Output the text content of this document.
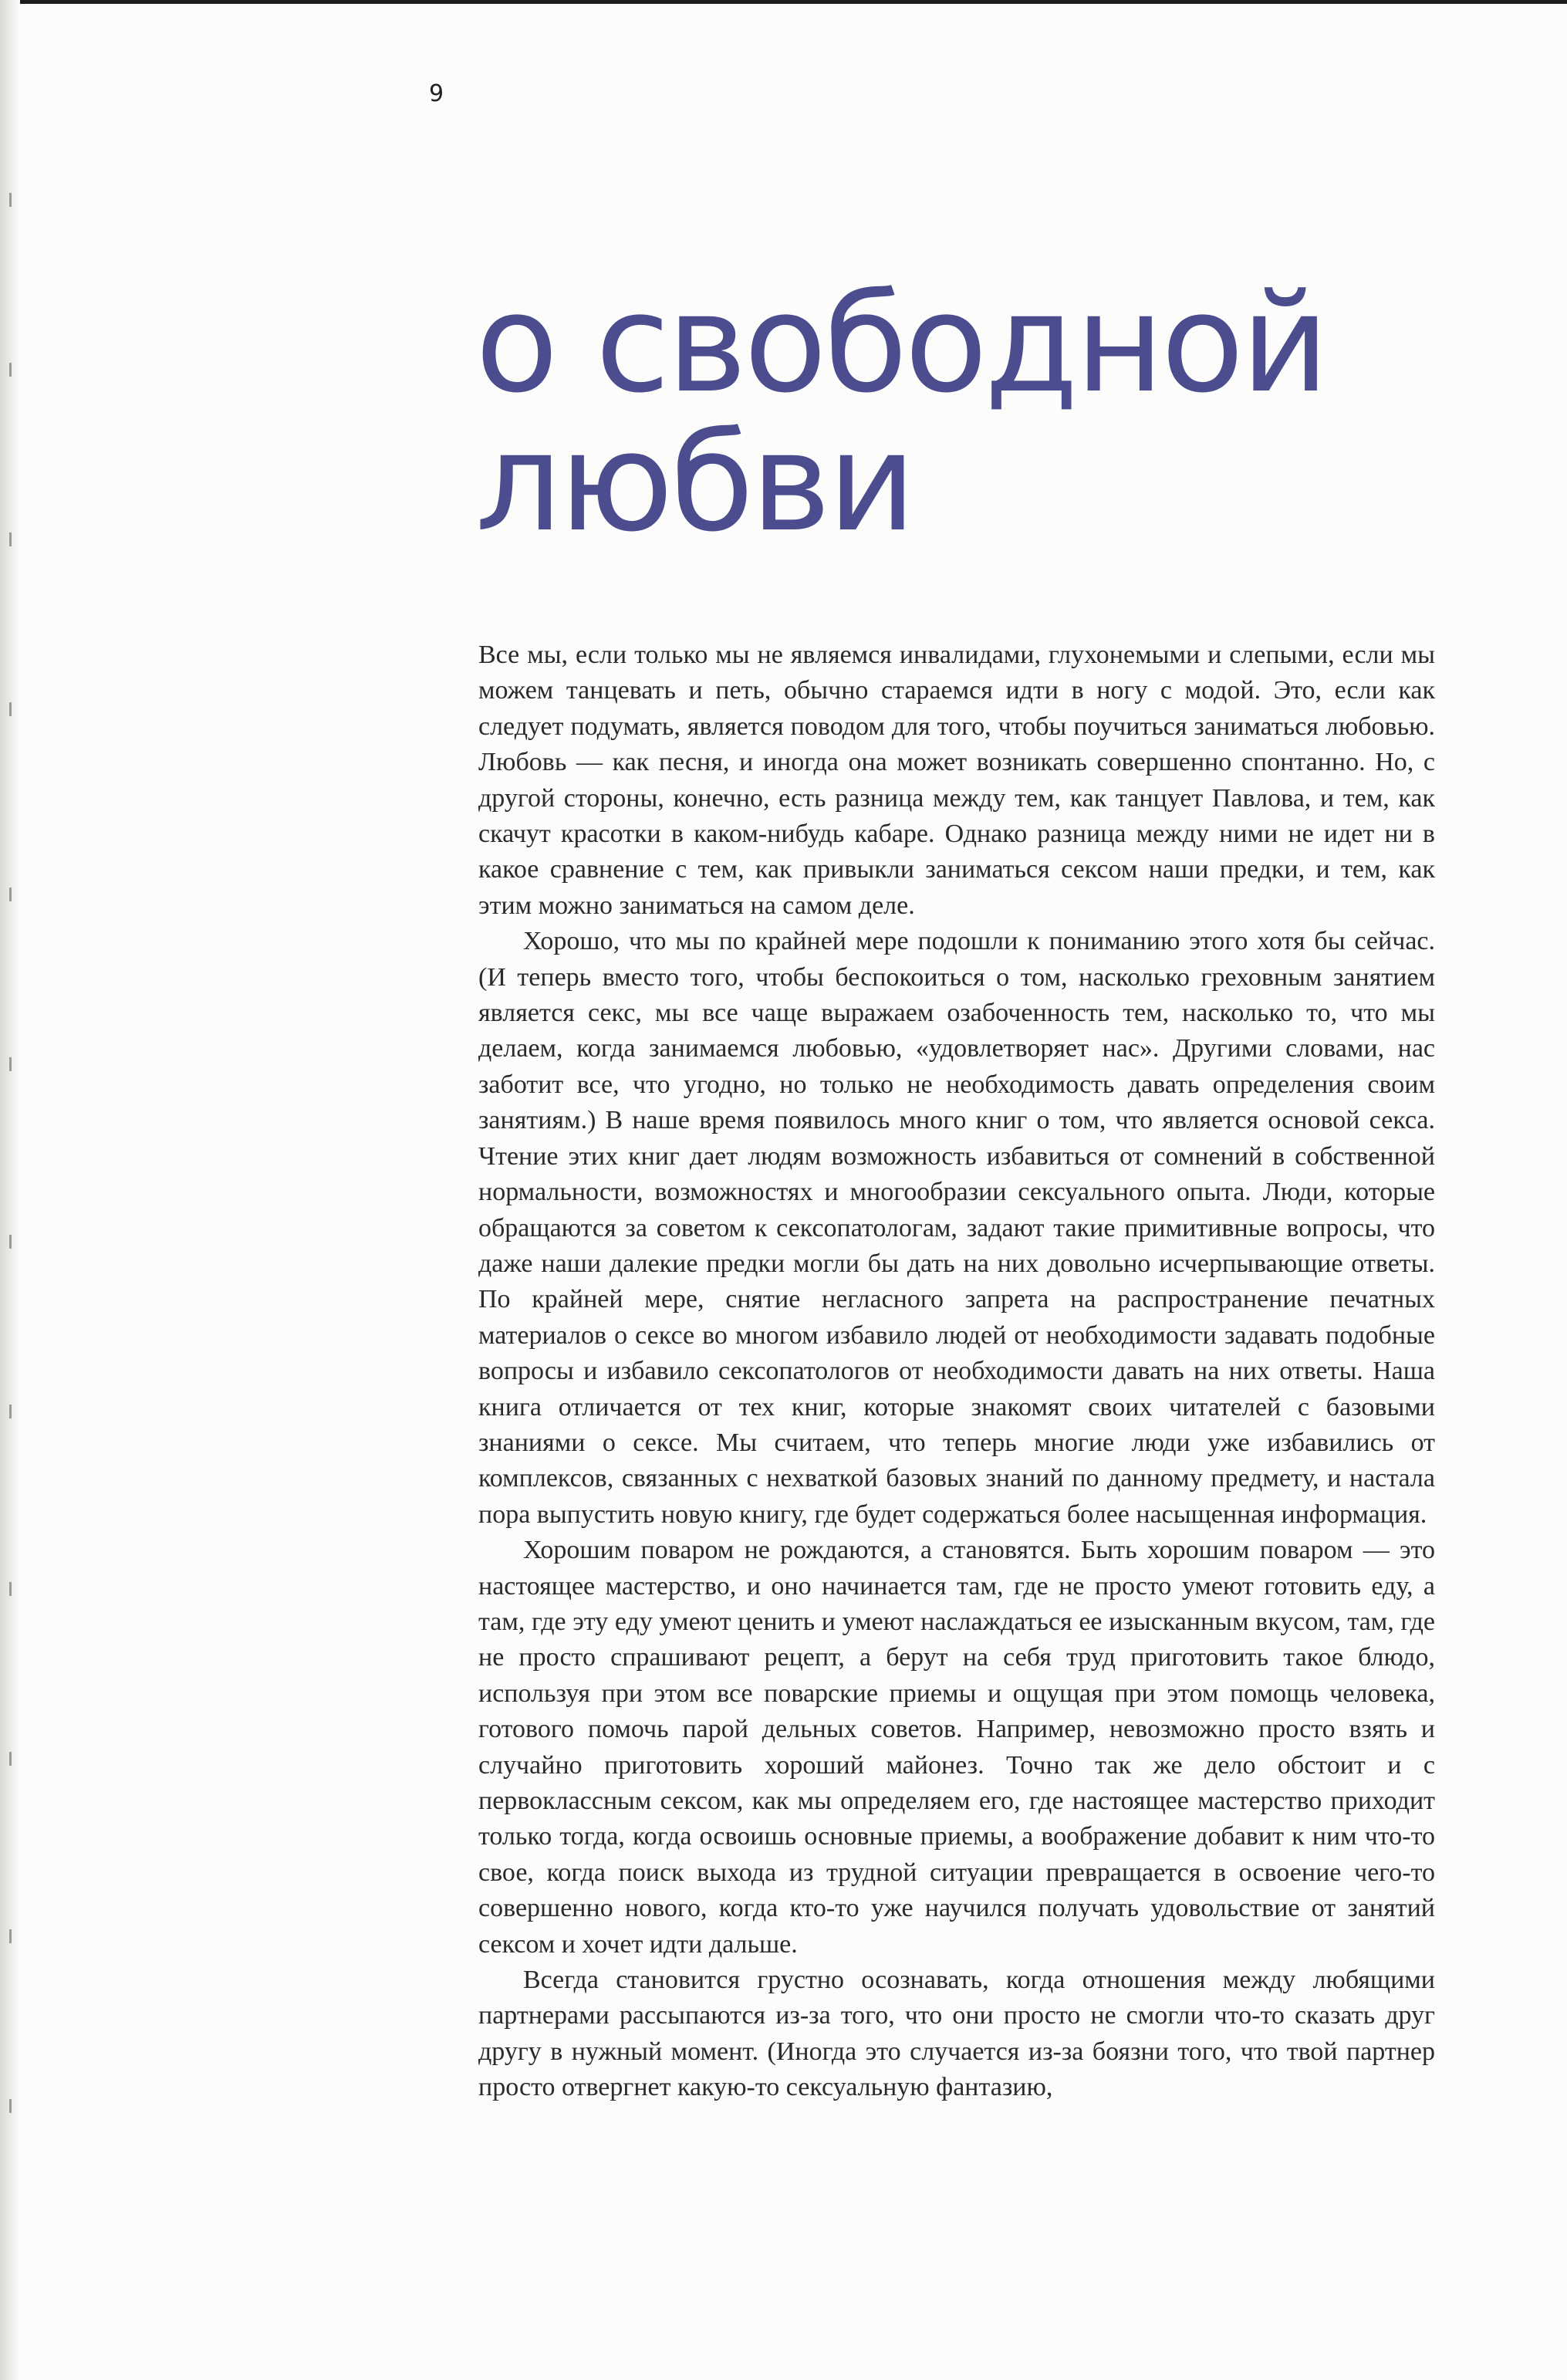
9
о свободной
любви

Все мы, если только мы не являемся инвалидами, глухонемыми и слепыми, если мы можем танцевать и петь, обычно стараемся идти в ногу с модой. Это, если как следует подумать, является поводом для того, чтобы поучиться заниматься любовью. Любовь — как песня, и иногда она может возникать совершенно спонтанно. Но, с другой стороны, конечно, есть разница между тем, как танцует Павлова, и тем, как скачут красотки в каком-нибудь кабаре. Однако разница между ними не идет ни в какое сравнение с тем, как привыкли заниматься сексом наши предки, и тем, как этим можно заниматься на самом деле.

Хорошо, что мы по крайней мере подошли к пониманию этого хотя бы сейчас. (И теперь вместо того, чтобы беспокоиться о том, насколько греховным занятием является секс, мы все чаще выражаем озабоченность тем, насколько то, что мы делаем, когда занимаемся любовью, «удовлетворяет нас». Другими словами, нас заботит все, что угодно, но только не необходимость давать определения своим занятиям.) В наше время появилось много книг о том, что является основой секса. Чтение этих книг дает людям возможность избавиться от сомнений в собственной нормальности, возможностях и многообразии сексуального опыта. Люди, которые обращаются за советом к сексопатологам, задают такие примитивные вопросы, что даже наши далекие предки могли бы дать на них довольно исчерпывающие ответы. По крайней мере, снятие негласного запрета на распространение печатных материалов о сексе во многом избавило людей от необходимости задавать подобные вопросы и избавило сексопатологов от необходимости давать на них ответы. Наша книга отличается от тех книг, которые знакомят своих читателей с базовыми знаниями о сексе. Мы считаем, что теперь многие люди уже избавились от комплексов, связанных с нехваткой базовых знаний по данному предмету, и настала пора выпустить новую книгу, где будет содержаться более насыщенная информация.

Хорошим поваром не рождаются, а становятся. Быть хорошим поваром — это настоящее мастерство, и оно начинается там, где не просто умеют готовить еду, а там, где эту еду умеют ценить и умеют наслаждаться ее изысканным вкусом, там, где не просто спрашивают рецепт, а берут на себя труд приготовить такое блюдо, используя при этом все поварские приемы и ощущая при этом помощь человека, готового помочь парой дельных советов. Например, невозможно просто взять и случайно приготовить хороший майонез. Точно так же дело обстоит и с первоклассным сексом, как мы определяем его, где настоящее мастерство приходит только тогда, когда освоишь основные приемы, а воображение добавит к ним что-то свое, когда поиск выхода из трудной ситуации превращается в освоение чего-то совершенно нового, когда кто-то уже научился получать удовольствие от занятий сексом и хочет идти дальше.

Всегда становится грустно осознавать, когда отношения между любящими партнерами рассыпаются из-за того, что они просто не смогли что-то сказать друг другу в нужный момент. (Иногда это случается из-за боязни того, что твой партнер просто отвергнет какую-то сексуальную фантазию,
